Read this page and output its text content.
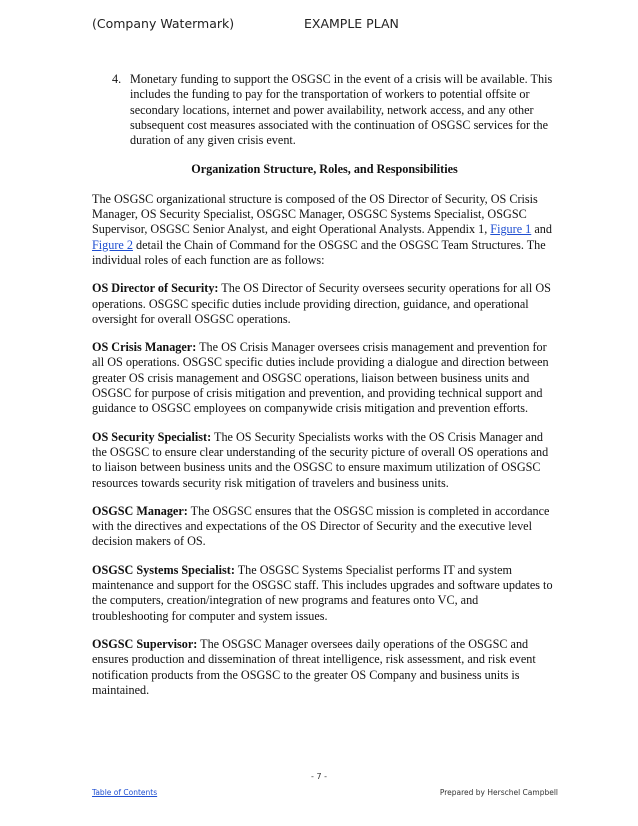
(Company Watermark)	EXAMPLE PLAN
4. Monetary funding to support the OSGSC in the event of a crisis will be available. This includes the funding to pay for the transportation of workers to potential offsite or secondary locations, internet and power availability, network access, and any other subsequent cost measures associated with the continuation of OSGSC services for the duration of any given crisis event.
Organization Structure, Roles, and Responsibilities

The OSGSC organizational structure is composed of the OS Director of Security, OS Crisis Manager, OS Security Specialist, OSGSC Manager, OSGSC Systems Specialist, OSGSC Supervisor, OSGSC Senior Analyst, and eight Operational Analysts. Appendix 1, Figure 1 and Figure 2 detail the Chain of Command for the OSGSC and the OSGSC Team Structures. The individual roles of each function are as follows:

OS Director of Security: The OS Director of Security oversees security operations for all OS operations. OSGSC specific duties include providing direction, guidance, and operational oversight for overall OSGSC operations.

OS Crisis Manager: The OS Crisis Manager oversees crisis management and prevention for all OS operations. OSGSC specific duties include providing a dialogue and direction between greater OS crisis management and OSGSC operations, liaison between business units and OSGSC for purpose of crisis mitigation and prevention, and providing technical support and guidance to OSGSC employees on companywide crisis mitigation and prevention efforts.

OS Security Specialist: The OS Security Specialists works with the OS Crisis Manager and the OSGSC to ensure clear understanding of the security picture of overall OS operations and to liaison between business units and the OSGSC to ensure maximum utilization of OSGSC resources towards security risk mitigation of travelers and business units.

OSGSC Manager: The OSGSC ensures that the OSGSC mission is completed in accordance with the directives and expectations of the OS Director of Security and the executive level decision makers of OS.

OSGSC Systems Specialist: The OSGSC Systems Specialist performs IT and system maintenance and support for the OSGSC staff. This includes upgrades and software updates to the computers, creation/integration of new programs and features onto VC, and troubleshooting for computer and system issues.

OSGSC Supervisor: The OSGSC Manager oversees daily operations of the OSGSC and ensures production and dissemination of threat intelligence, risk assessment, and risk event notification products from the OSGSC to the greater OS Company and business units is maintained.

- 7 -
Table of Contents	Prepared by Herschel Campbell
